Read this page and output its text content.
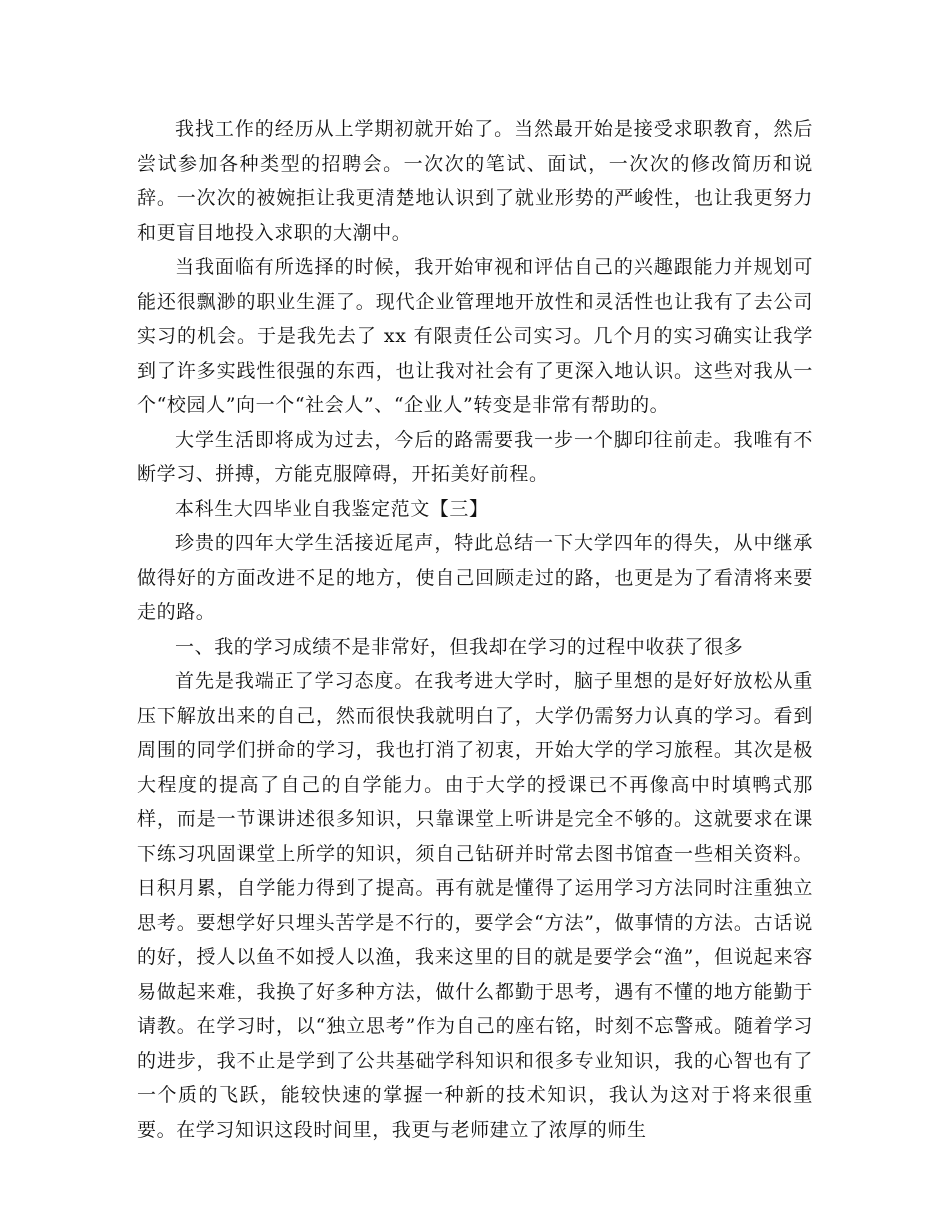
我找工作的经历从上学期初就开始了。当然最开始是接受求职教育，然后尝试参加各种类型的招聘会。一次次的笔试、面试，一次次的修改简历和说辞。一次次的被婉拒让我更清楚地认识到了就业形势的严峻性，也让我更努力和更盲目地投入求职的大潮中。

当我面临有所选择的时候，我开始审视和评估自己的兴趣跟能力并规划可能还很飘渺的职业生涯了。现代企业管理地开放性和灵活性也让我有了去公司实习的机会。于是我先去了 xx 有限责任公司实习。几个月的实习确实让我学到了许多实践性很强的东西，也让我对社会有了更深入地认识。这些对我从一个“校园人”向一个“社会人”、“企业人”转变是非常有帮助的。

大学生活即将成为过去，今后的路需要我一步一个脚印往前走。我唯有不断学习、拼搏，方能克服障碍，开拓美好前程。

本科生大四毕业自我鉴定范文【三】

珍贵的四年大学生活接近尾声，特此总结一下大学四年的得失，从中继承做得好的方面改进不足的地方，使自己回顾走过的路，也更是为了看清将来要走的路。

一、我的学习成绩不是非常好，但我却在学习的过程中收获了很多

首先是我端正了学习态度。在我考进大学时，脑子里想的是好好放松从重压下解放出来的自己，然而很快我就明白了，大学仍需努力认真的学习。看到周围的同学们拼命的学习，我也打消了初衷，开始大学的学习旅程。其次是极大程度的提高了自己的自学能力。由于大学的授课已不再像高中时填鸭式那样，而是一节课讲述很多知识，只靠课堂上听讲是完全不够的。这就要求在课下练习巩固课堂上所学的知识，须自己钻研并时常去图书馆查一些相关资料。日积月累，自学能力得到了提高。再有就是懂得了运用学习方法同时注重独立思考。要想学好只埋头苦学是不行的，要学会“方法”，做事情的方法。古话说的好，授人以鱼不如授人以渔，我来这里的目的就是要学会“渔”，但说起来容易做起来难，我换了好多种方法，做什么都勤于思考，遇有不懂的地方能勤于请教。在学习时，以“独立思考”作为自己的座右铭，时刻不忘警戒。随着学习的进步，我不止是学到了公共基础学科知识和很多专业知识，我的心智也有了一个质的飞跃，能较快速的掌握一种新的技术知识，我认为这对于将来很重要。在学习知识这段时间里，我更与老师建立了浓厚的师生
